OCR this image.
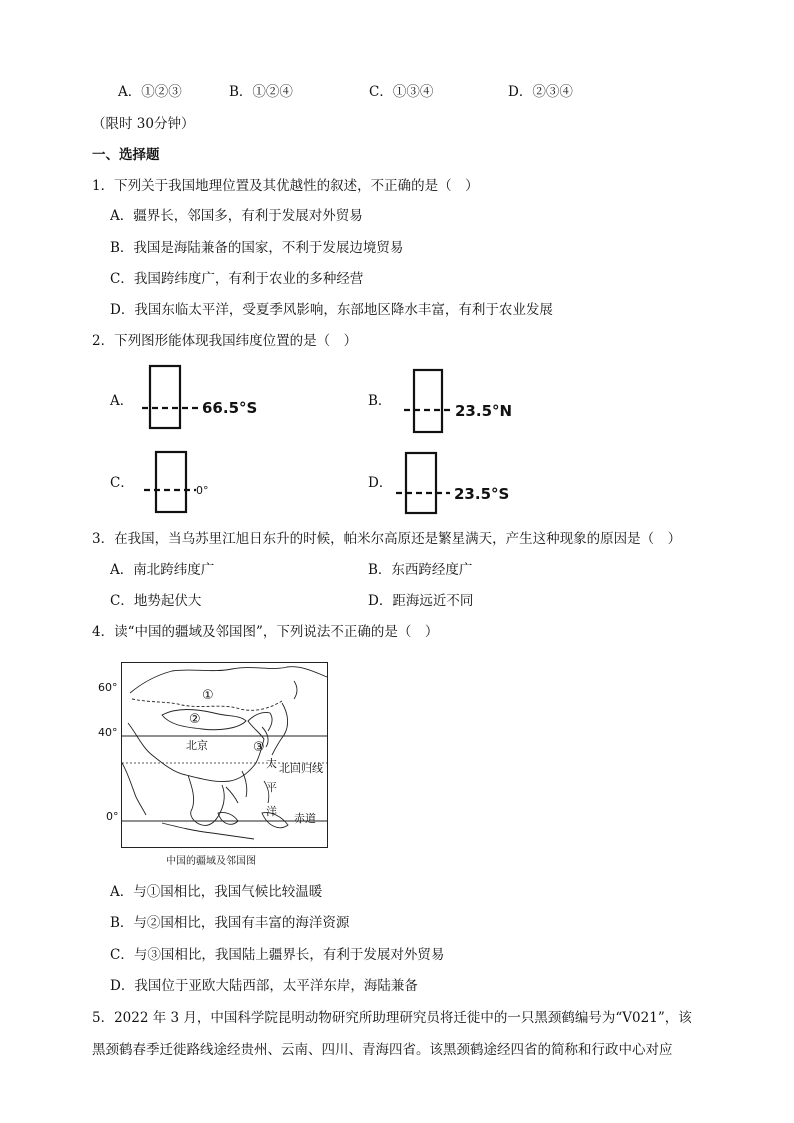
A．①②③	B．①②④	C．①③④	D．②③④
（限时 30分钟）
一、选择题
1．下列关于我国地理位置及其优越性的叙述，不正确的是（　）
A．疆界长，邻国多，有利于发展对外贸易
B．我国是海陆兼备的国家，不利于发展边境贸易
C．我国跨纬度广，有利于农业的多种经营
D．我国东临太平洋，受夏季风影响，东部地区降水丰富，有利于农业发展
2．下列图形能体现我国纬度位置的是（　）
A．	66.5°S	B．
23.5°N
C．	0°	D．
23.5°S
3．在我国，当乌苏里江旭日东升的时候，帕米尔高原还是繁星满天，产生这种现象的原因是（　）
A．南北跨纬度广	B．东西跨经度广
C．地势起伏大	D．距海远近不同
4．读“中国的疆域及邻国图”，下列说法不正确的是（　）
60°
40°
0°
①
②
③
北京
太 北回归线
平
洋
赤道
中国的疆域及邻国图
A．与①国相比，我国气候比较温暖
B．与②国相比，我国有丰富的海洋资源
C．与③国相比，我国陆上疆界长，有利于发展对外贸易
D．我国位于亚欧大陆西部，太平洋东岸，海陆兼备
5．2022 年 3 月，中国科学院昆明动物研究所助理研究员将迁徙中的一只黑颈鹤编号为“V021”，该
黑颈鹤春季迁徙路线途经贵州、云南、四川、青海四省。该黑颈鹤途经四省的简称和行政中心对应
